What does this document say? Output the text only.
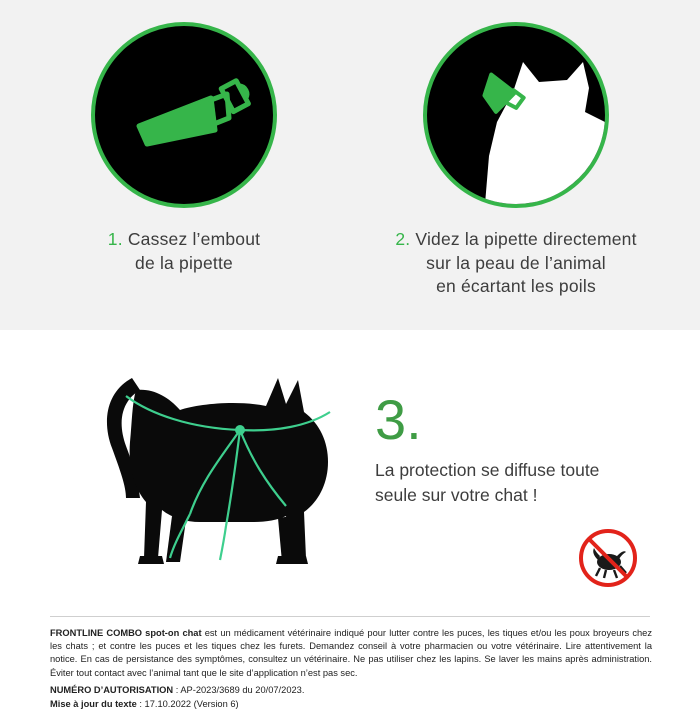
1. Cassez l’embout
de la pipette
2. Videz la pipette directement
sur la peau de l’animal
en écartant les poils
3.
La protection se diffuse toute
seule sur votre chat !
FRONTLINE COMBO spot-on chat est un médicament vétérinaire indiqué pour lutter contre les puces, les tiques et/ou les poux broyeurs chez les chats ; et contre les puces et les tiques chez les furets. Demandez conseil à votre pharmacien ou votre vétérinaire. Lire attentivement la notice. En cas de persistance des symptômes, consultez un vétérinaire. Ne pas utiliser chez les lapins. Se laver les mains après administration. Éviter tout contact avec l’animal tant que le site d’application n’est pas sec.
NUMÉRO D’AUTORISATION : AP-2023/3689 du 20/07/2023.
Mise à jour du texte : 17.10.2022 (Version 6)
